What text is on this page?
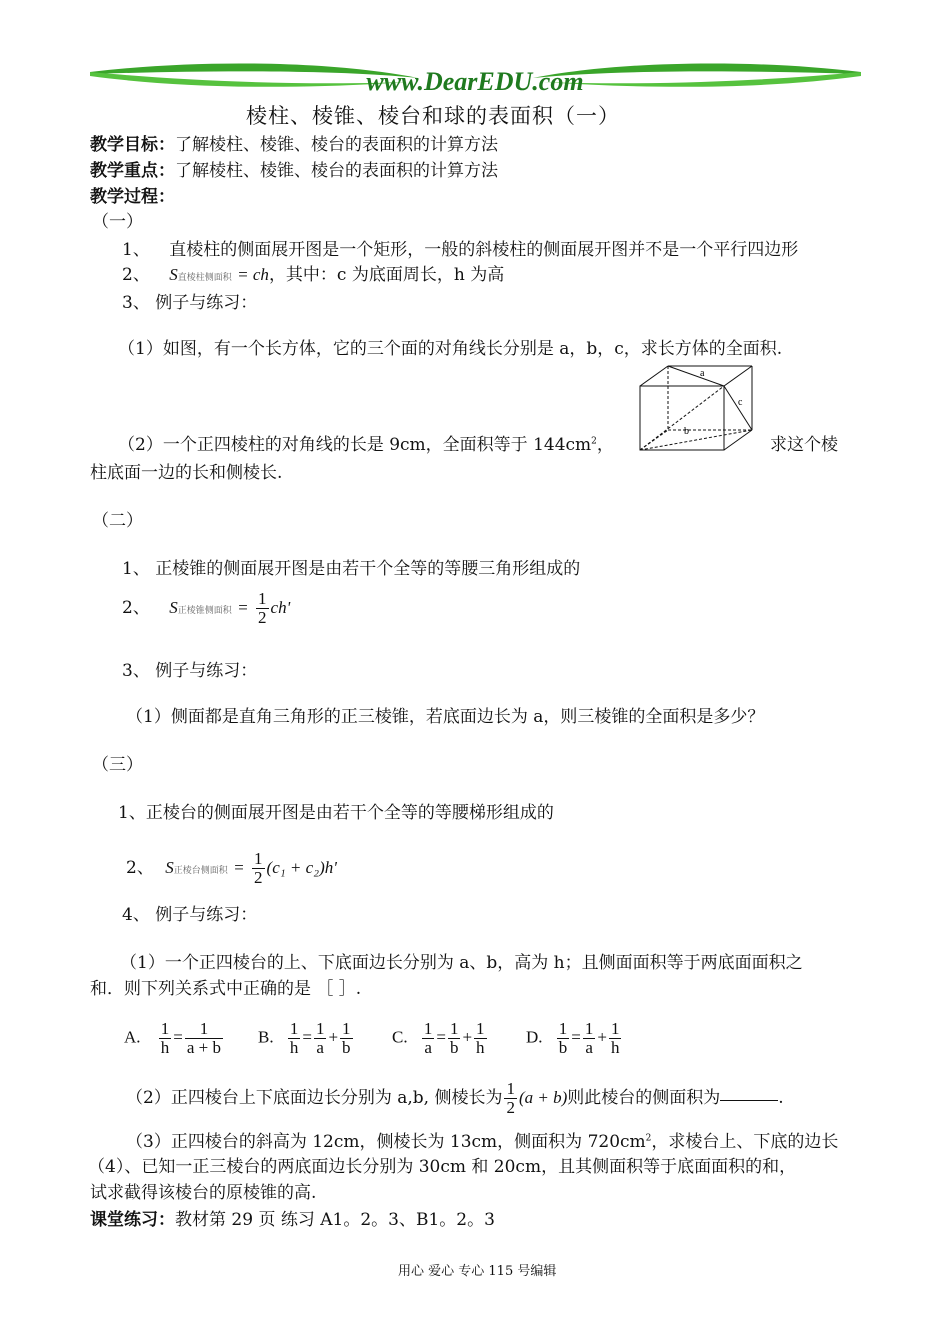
www.DearEDU.com
棱柱、棱锥、棱台和球的表面积（一）
教学目标：了解棱柱、棱锥、棱台的表面积的计算方法
教学重点：了解棱柱、棱锥、棱台的表面积的计算方法
教学过程：
（一）
1、 直棱柱的侧面展开图是一个矩形，一般的斜棱柱的侧面展开图并不是一个平行四边形
2、 S直棱柱侧面积 = ch，其中：c 为底面周长，h 为高
3、 例子与练习：
（1）如图，有一个长方体，它的三个面的对角线长分别是 a，b，c，求长方体的全面积.
a
c
b
（2）一个正四棱柱的对角线的长是 9cm，全面积等于 $144cm^2$，	求这个棱
柱底面一边的长和侧棱长.
（二）
1、 正棱锥的侧面展开图是由若干个全等的等腰三角形组成的
2、 S正棱锥侧面积 = $\frac{1}{2} ch'$
3、 例子与练习：
（1）侧面都是直角三角形的正三棱锥，若底面边长为 a，则三棱锥的全面积是多少？
（三）
1、正棱台的侧面展开图是由若干个全等的等腰梯形组成的
2、 S正棱台侧面积 = $\frac{1}{2} (c_1 + c_2)h'$
4、 例子与练习：
（1）一个正四棱台的上、下底面边长分别为 a、b，高为 h；且侧面面积等于两底面面积之
和．则下列关系式中正确的是 ［ ］.
A. $\frac{1}{h} = \frac{1}{a + b} B$. $\frac{1}{h} = \frac{1}{a} + \frac{1}{b} C$. $\frac{1}{a} = \frac{1}{b} + \frac{1}{h} D$. $\frac{1}{b} = \frac{1}{a} + \frac{1}{h}$
（2）正四棱台上下底面边长分别为 a,b, 侧棱长为 $\frac{1}{2} (a + b)$则此棱台的侧面积为	.
（3）正四棱台的斜高为 12cm，侧棱长为 13cm，侧面积为 $720cm^2$，求棱台上、下底的边长
（4）、已知一正三棱台的两底面边长分别为 30cm 和 20cm，且其侧面积等于底面面积的和，
试求截得该棱台的原棱锥的高.
课堂练习：教材第 29 页 练习 A1。2。3、B1。2。3
用心 爱心 专心 115 号编辑
